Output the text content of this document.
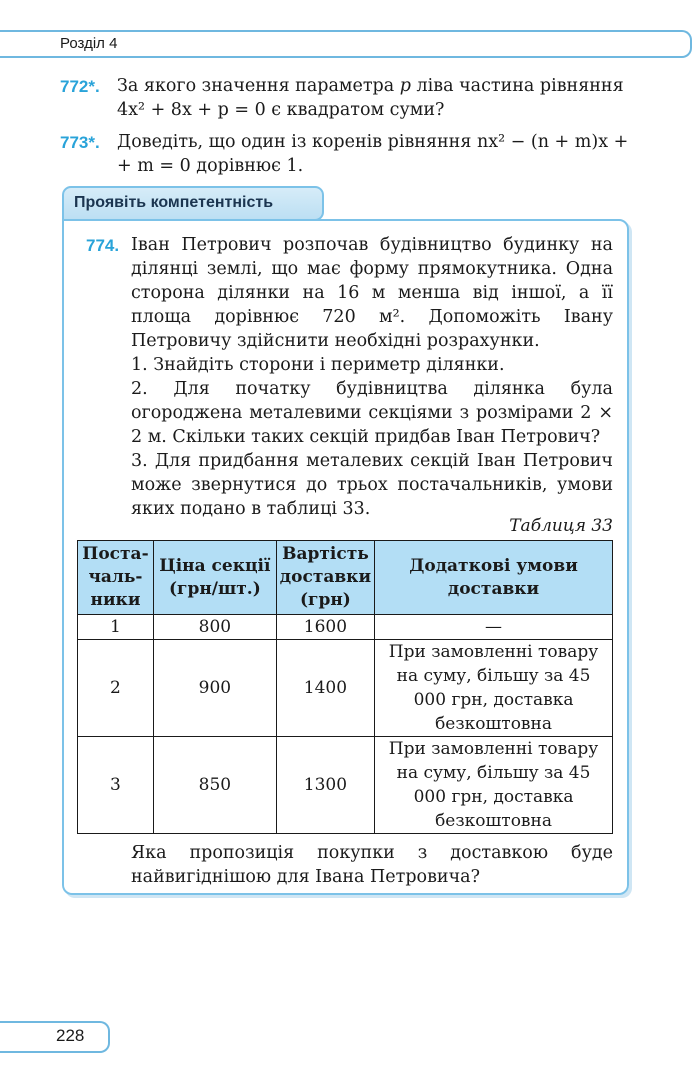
Розділ 4
772*. За якого значення параметра p ліва частина рівняння
4x² + 8x + p = 0 є квадратом суми?
773*. Доведіть, що один із коренів рівняння nx² − (n + m)x +
+ m = 0 дорівнює 1.
Проявіть компетентність
774. Іван Петрович розпочав будівництво будинку на ділянці землі, що має форму прямокутника. Одна сторона ділянки на 16 м менша від іншої, а її площа дорівнює 720 м². Допоможіть Івану Петровичу здійснити необхідні розрахунки.
1. Знайдіть сторони і периметр ділянки.
2. Для початку будівництва ділянка була огороджена металевими секціями з розмірами 2 × 2 м. Скільки таких секцій придбав Іван Петрович?
3. Для придбання металевих секцій Іван Петрович може звернутися до трьох постачальників, умови яких подано в таблиці 33.
Таблиця 33
Поста-чаль-ники	Ціна секції (грн/шт.)	Вартість доставки (грн)	Додаткові умови доставки
1	800	1600	—
2	900	1400	При замовленні товару на суму, більшу за 45 000 грн, доставка безкоштовна
3	850	1300	При замовленні товару на суму, більшу за 45 000 грн, доставка безкоштовна
Яка пропозиція покупки з доставкою буде найвигіднішою для Івана Петровича?
228
